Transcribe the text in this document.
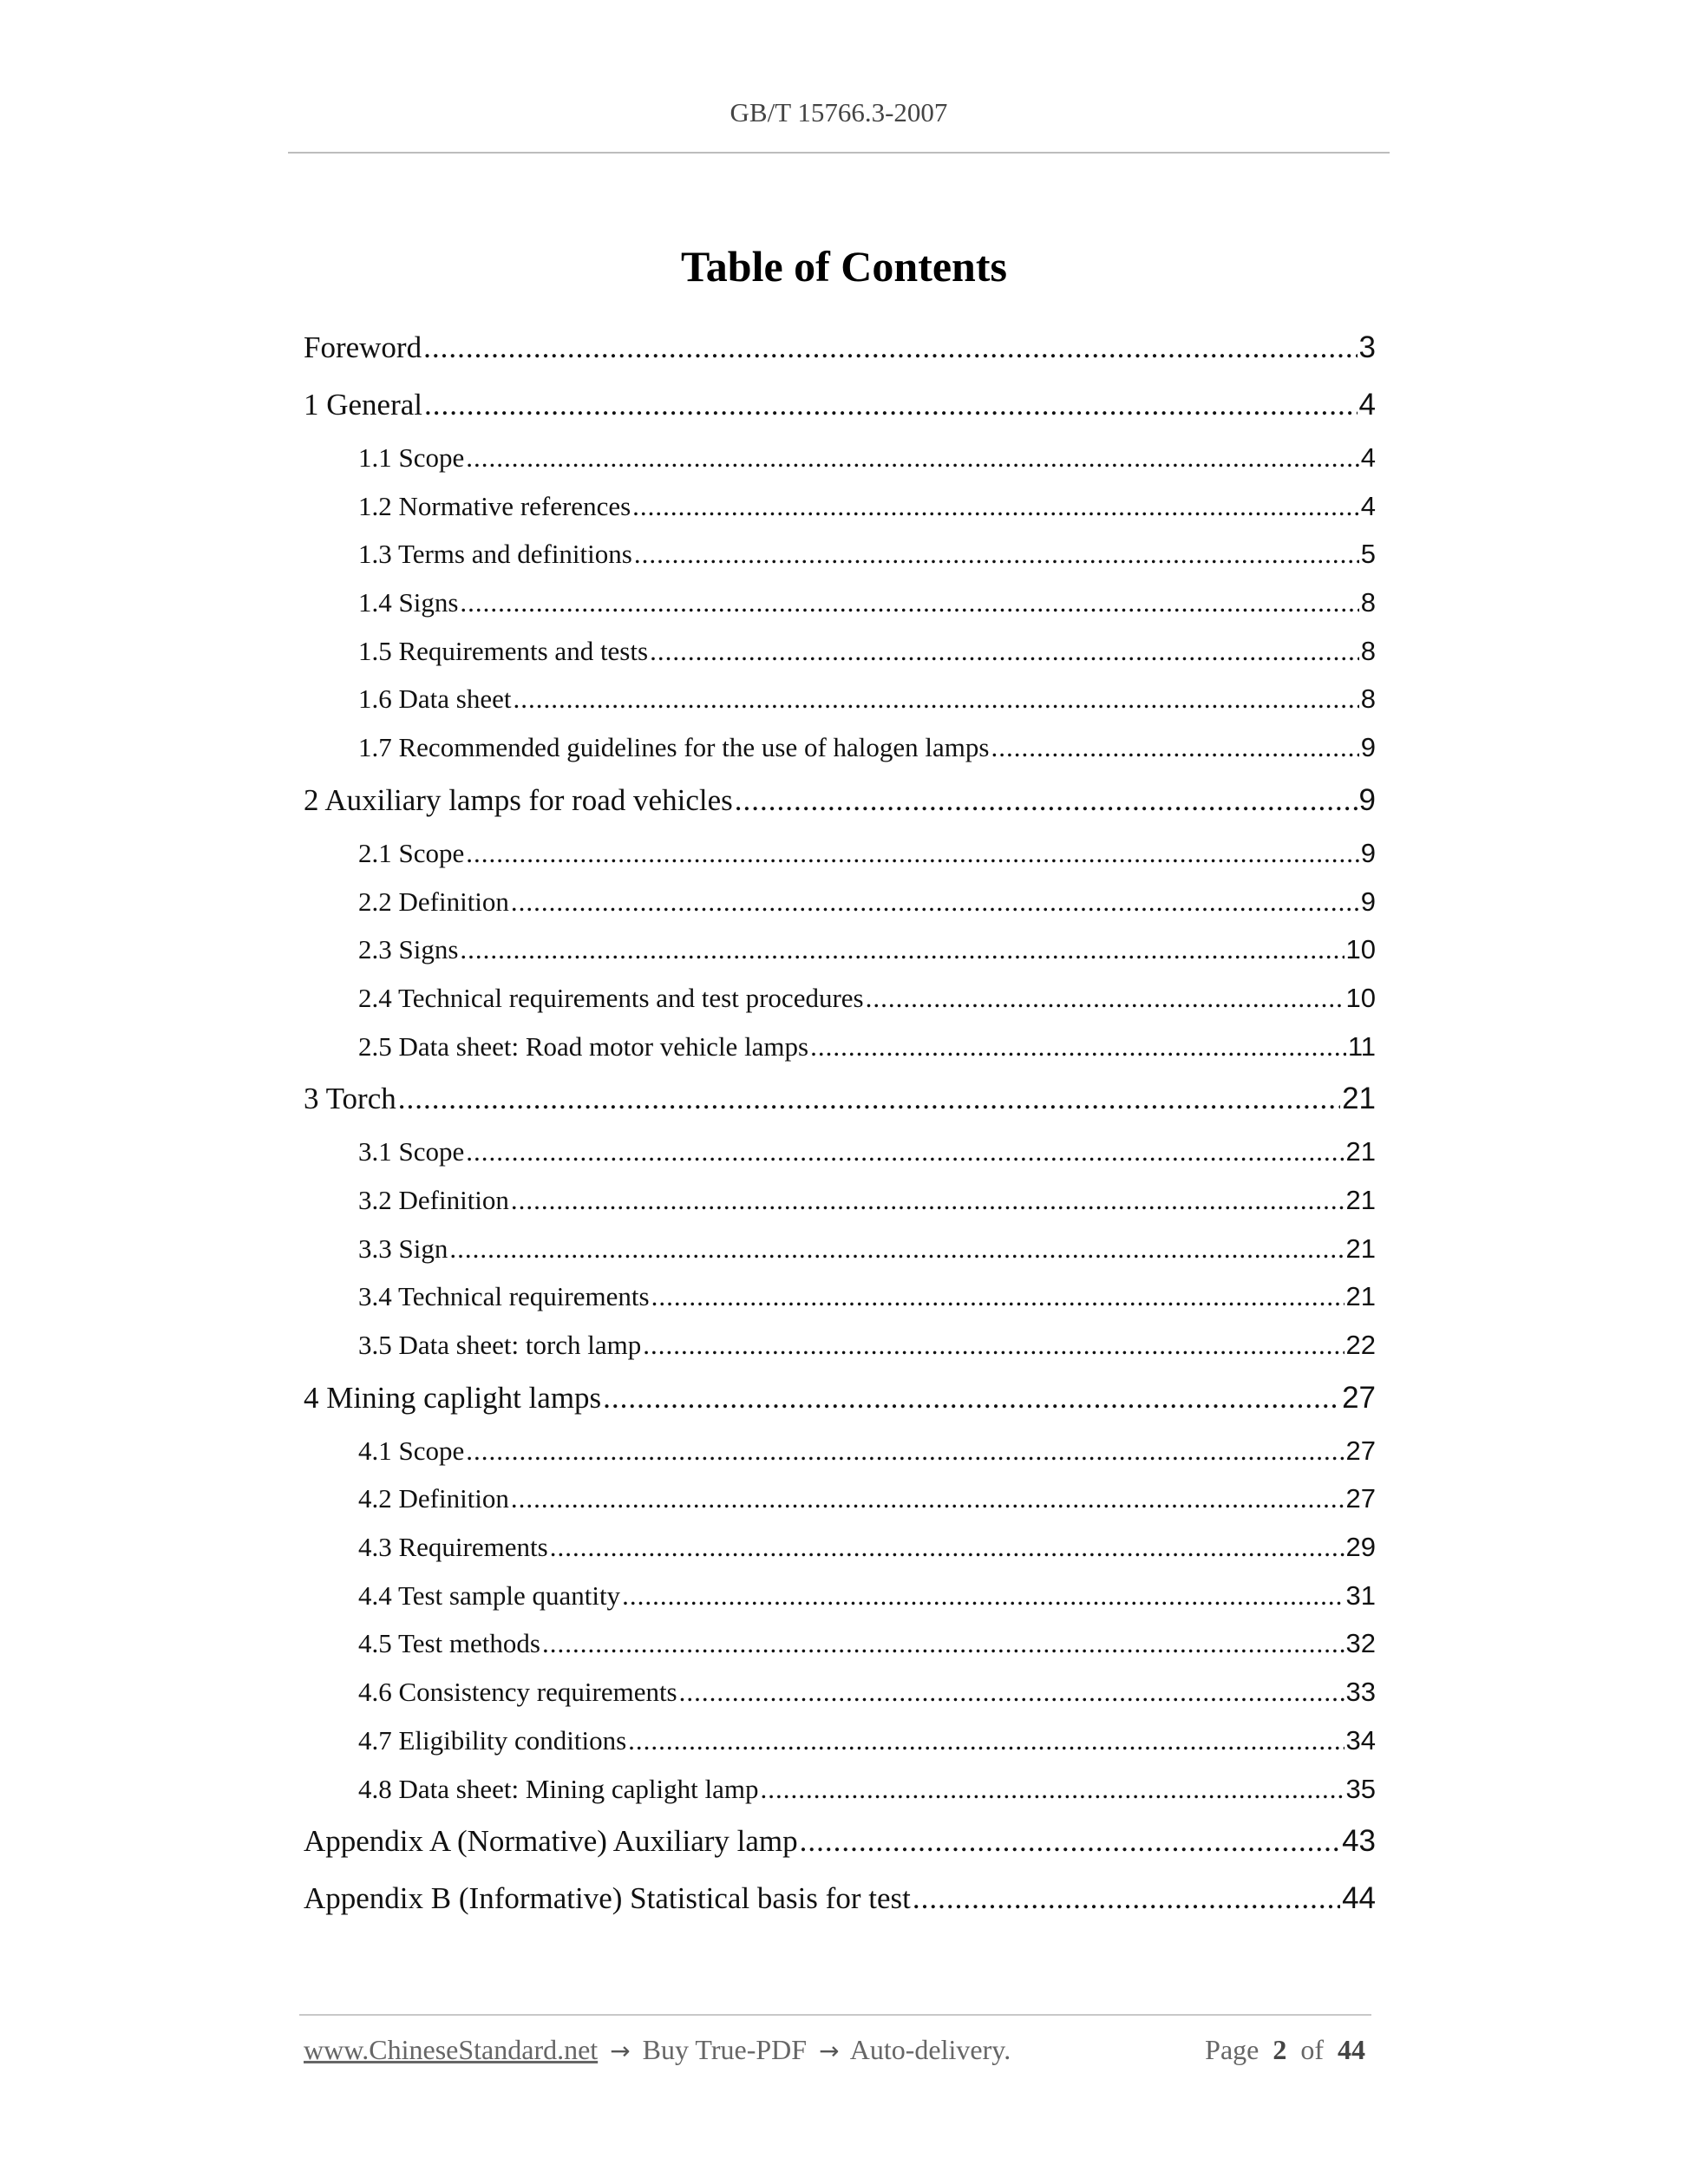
GB/T 15766.3-2007
Table of Contents
Foreword .....	3
1 General .....	4
1.1 Scope .....	4
1.2 Normative references .....	4
1.3 Terms and definitions .....	5
1.4 Signs .....	8
1.5 Requirements and tests .....	8
1.6 Data sheet .....	8
1.7 Recommended guidelines for the use of halogen lamps .....	9
2 Auxiliary lamps for road vehicles .....	9
2.1 Scope .....	9
2.2 Definition .....	9
2.3 Signs .....	10
2.4 Technical requirements and test procedures .....	10
2.5 Data sheet: Road motor vehicle lamps .....	11
3 Torch .....	21
3.1 Scope .....	21
3.2 Definition .....	21
3.3 Sign .....	21
3.4 Technical requirements .....	21
3.5 Data sheet: torch lamp .....	22
4 Mining caplight lamps .....	27
4.1 Scope .....	27
4.2 Definition .....	27
4.3 Requirements .....	29
4.4 Test sample quantity .....	31
4.5 Test methods .....	32
4.6 Consistency requirements .....	33
4.7 Eligibility conditions .....	34
4.8 Data sheet: Mining caplight lamp .....	35
Appendix A (Normative) Auxiliary lamp .....	43
Appendix B (Informative) Statistical basis for test .....	44
www.ChineseStandard.net → Buy True-PDF → Auto-delivery.	Page 2 of 44
